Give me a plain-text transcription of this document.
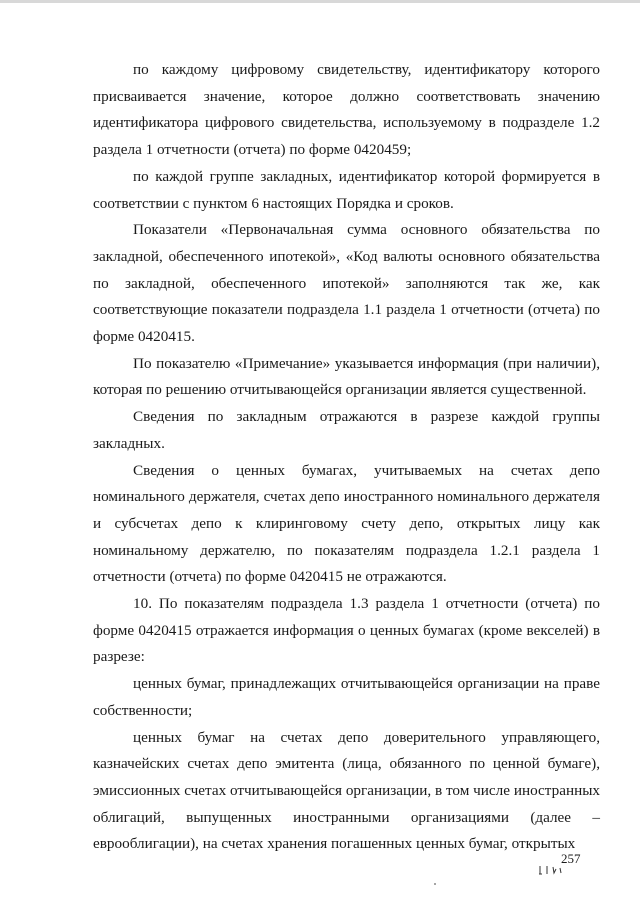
по каждому цифровому свидетельству, идентификатору которого присваивается значение, которое должно соответствовать значению идентификатора цифрового свидетельства, используемому в подразделе 1.2 раздела 1 отчетности (отчета) по форме 0420459;

по каждой группе закладных, идентификатор которой формируется в соответствии с пунктом 6 настоящих Порядка и сроков.

Показатели «Первоначальная сумма основного обязательства по закладной, обеспеченного ипотекой», «Код валюты основного обязательства по закладной, обеспеченного ипотекой» заполняются так же, как соответствующие показатели подраздела 1.1 раздела 1 отчетности (отчета) по форме 0420415.

По показателю «Примечание» указывается информация (при наличии), которая по решению отчитывающейся организации является существенной.

Сведения по закладным отражаются в разрезе каждой группы закладных.

Сведения о ценных бумагах, учитываемых на счетах депо номинального держателя, счетах депо иностранного номинального держателя и субсчетах депо к клиринговому счету депо, открытых лицу как номинальному держателю, по показателям подраздела 1.2.1 раздела 1 отчетности (отчета) по форме 0420415 не отражаются.

10. По показателям подраздела 1.3 раздела 1 отчетности (отчета) по форме 0420415 отражается информация о ценных бумагах (кроме векселей) в разрезе:

ценных бумаг, принадлежащих отчитывающейся организации на праве собственности;

ценных бумаг на счетах депо доверительного управляющего, казначейских счетах депо эмитента (лица, обязанного по ценной бумаге), эмиссионных счетах отчитывающейся организации, в том числе иностранных облигаций, выпущенных иностранными организациями (далее – еврооблигации), на счетах хранения погашенных ценных бумаг, открытых

257
